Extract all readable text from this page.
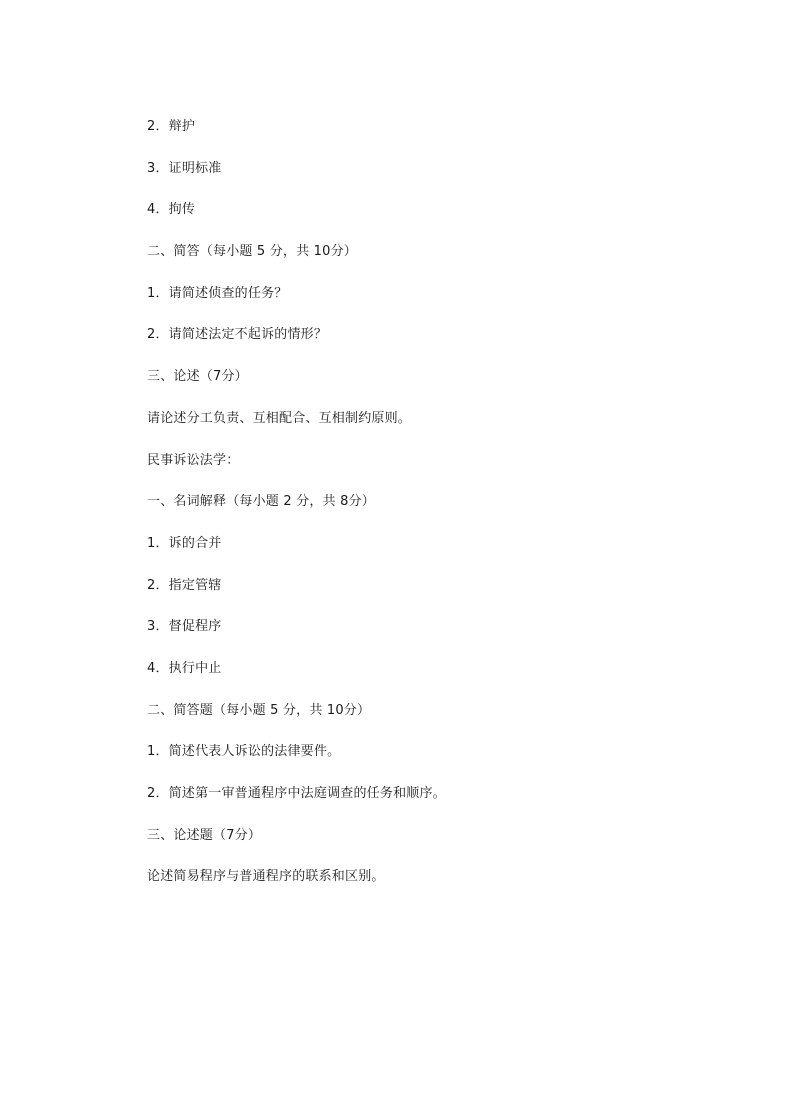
2．辩护
3．证明标准
4．拘传
二、简答（每小题 5 分，共 10分）
1．请简述侦查的任务？
2．请简述法定不起诉的情形？
三、论述（7分）
请论述分工负责、互相配合、互相制约原则。
民事诉讼法学：
一、名词解释（每小题 2 分，共 8分）
1．诉的合并
2．指定管辖
3．督促程序
4．执行中止
二、简答题（每小题 5 分，共 10分）
1．简述代表人诉讼的法律要件。
2．简述第一审普通程序中法庭调查的任务和顺序。
三、论述题（7分）
论述简易程序与普通程序的联系和区别。
